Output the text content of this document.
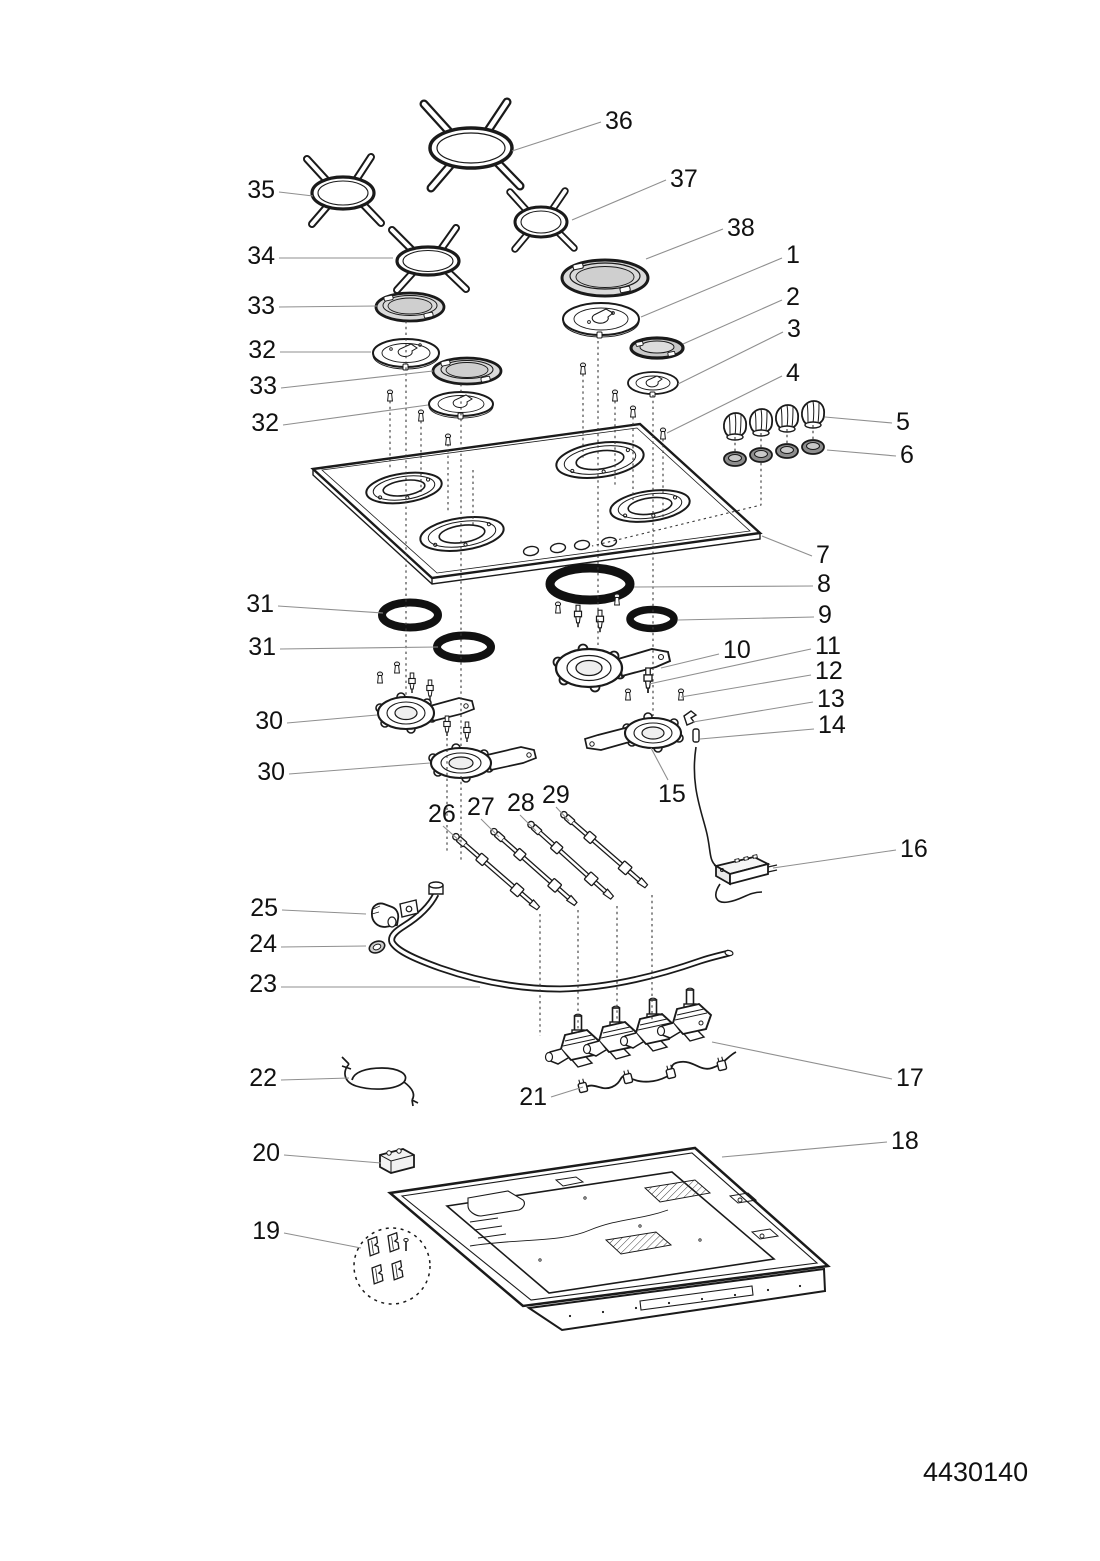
36
35	37
34
38
33
1
32
2
33
3
32
4
5
6
7
8
9
31
10
31	11
12
13
14
30
30
15
26 27 28 29
16
25
24
23
22
21
17
18
20
19
4430140
